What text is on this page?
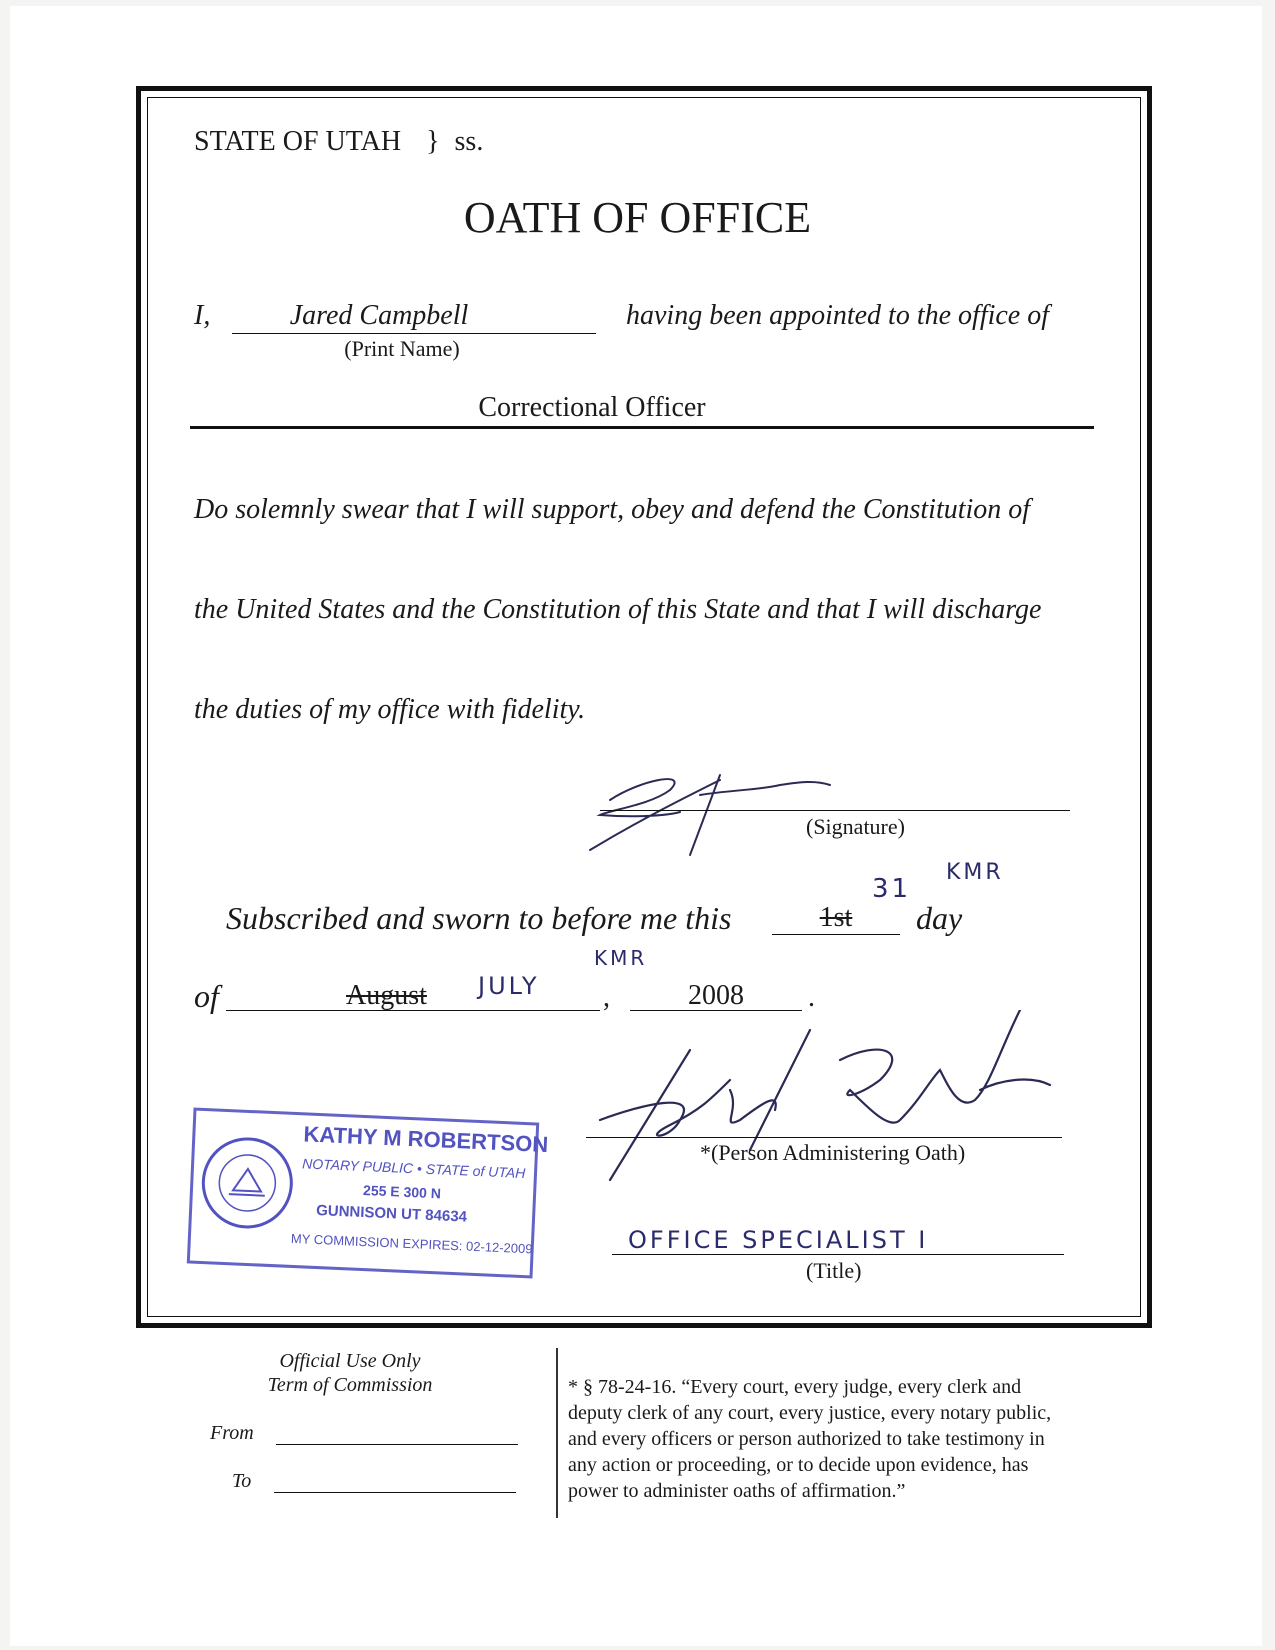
STATE OF UTAH } ss.
OATH OF OFFICE
I,	Jared Campbell	having been appointed to the office of
(Print Name)
Correctional Officer
Do solemnly swear that I will support, obey and defend the Constitution of
the United States and the Constitution of this State and that I will discharge
the duties of my office with fidelity.
(Signature)
Subscribed and sworn to before me this
31
KMR
1st	day
of	August JULY
KMR
,	2008	.
*(Person Administering Oath)
OFFICE SPECIALIST I
(Title)
KATHY M ROBERTSON
NOTARY PUBLIC • STATE of UTAH
255 E 300 N
GUNNISON UT 84634
MY COMMISSION EXPIRES: 02-12-2009
Official Use Only
Term of Commission
From
To
* § 78-24-16. “Every court, every judge, every clerk and
deputy clerk of any court, every justice, every notary public,
and every officers or person authorized to take testimony in
any action or proceeding, or to decide upon evidence, has
power to administer oaths of affirmation.”
